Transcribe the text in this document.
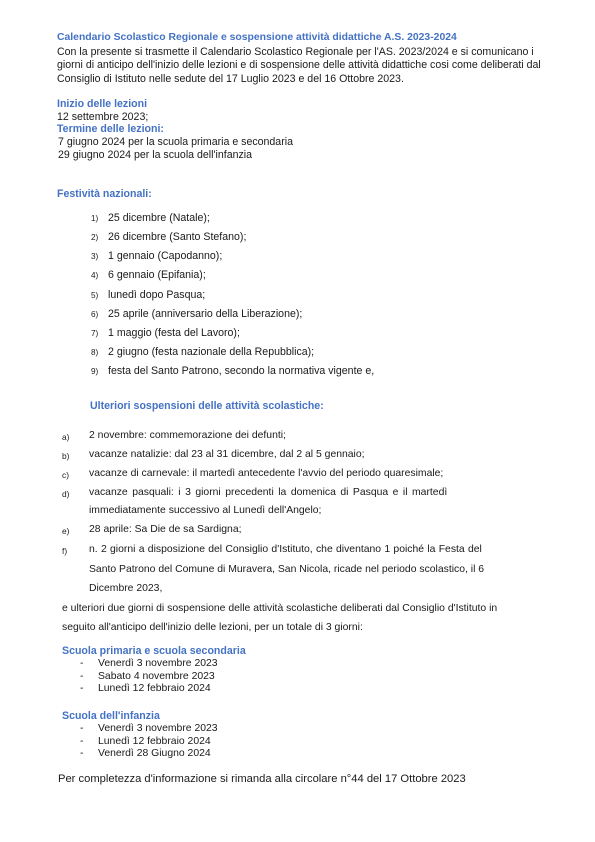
Calendario Scolastico Regionale e sospensione attività didattiche A.S. 2023-2024
Con la presente si trasmette il Calendario Scolastico Regionale per l'AS. 2023/2024 e si comunicano i giorni di anticipo dell'inizio delle lezioni e di sospensione delle attività didattiche cosi come deliberati dal Consiglio di Istituto nelle sedute del 17 Luglio 2023 e del 16 Ottobre 2023.
Inizio delle lezioni
12 settembre 2023;
Termine delle lezioni:
7 giugno 2024 per la scuola primaria e secondaria
29 giugno 2024 per la scuola dell'infanzia
Festività nazionali:
1) 25 dicembre (Natale);
2) 26 dicembre (Santo Stefano);
3) 1 gennaio (Capodanno);
4) 6 gennaio (Epifania);
5) lunedì dopo Pasqua;
6) 25 aprile (anniversario della Liberazione);
7) 1 maggio (festa del Lavoro);
8) 2 giugno (festa nazionale della Repubblica);
9) festa del Santo Patrono, secondo la normativa vigente e,
Ulteriori sospensioni delle attività scolastiche:
a) 2 novembre: commemorazione dei defunti;
b) vacanze natalizie: dal 23 al 31 dicembre, dal 2 al 5 gennaio;
c) vacanze di carnevale: il martedì antecedente l'avvio del periodo quaresimale;
d) vacanze pasquali: i 3 giorni precedenti la domenica di Pasqua e il martedì
immediatamente successivo al Lunedì dell'Angelo;
e) 28 aprile: Sa Die de sa Sardigna;
f) n. 2 giorni a disposizione del Consiglio d'Istituto, che diventano 1 poiché la Festa del
Santo Patrono del Comune di Muravera, San Nicola, ricade nel periodo scolastico, il 6
Dicembre 2023,
e ulteriori due giorni di sospensione delle attività scolastiche deliberati dal Consiglio d'Istituto in
seguito all'anticipo dell'inizio delle lezioni, per un totale di 3 giorni:
Scuola primaria e scuola secondaria
- Venerdì 3 novembre 2023
- Sabato 4 novembre 2023
- Lunedì 12 febbraio 2024
Scuola dell'infanzia
- Venerdì 3 novembre 2023
- Lunedì 12 febbraio 2024
- Venerdì 28 Giugno 2024
Per completezza d'informazione si rimanda alla circolare n°44 del 17 Ottobre 2023
